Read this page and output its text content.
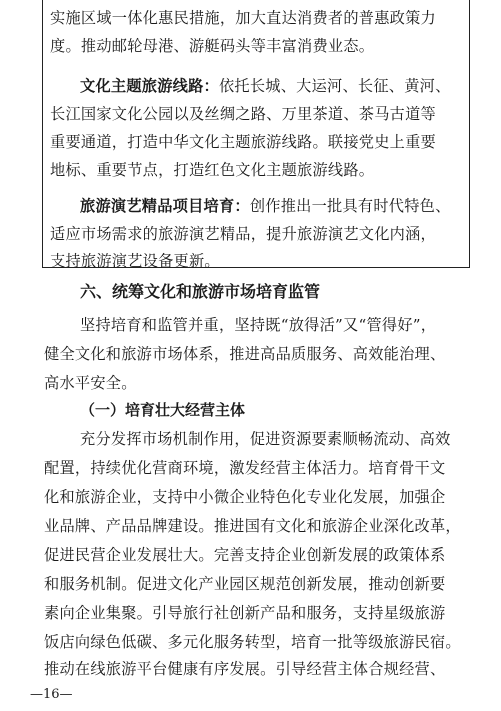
实施区域一体化惠民措施，加大直达消费者的普惠政策力
度。推动邮轮母港、游艇码头等丰富消费业态。
文化主题旅游线路：依托长城、大运河、长征、黄河、
长江国家文化公园以及丝绸之路、万里茶道、茶马古道等
重要通道，打造中华文化主题旅游线路。联接党史上重要
地标、重要节点，打造红色文化主题旅游线路。
旅游演艺精品项目培育：创作推出一批具有时代特色、
适应市场需求的旅游演艺精品，提升旅游演艺文化内涵，
支持旅游演艺设备更新。
六、统筹文化和旅游市场培育监管
坚持培育和监管并重，坚持既“放得活”又“管得好”，
健全文化和旅游市场体系，推进高品质服务、高效能治理、
高水平安全。
（一）培育壮大经营主体
充分发挥市场机制作用，促进资源要素顺畅流动、高效
配置，持续优化营商环境，激发经营主体活力。培育骨干文
化和旅游企业，支持中小微企业特色化专业化发展，加强企
业品牌、产品品牌建设。推进国有文化和旅游企业深化改革，
促进民营企业发展壮大。完善支持企业创新发展的政策体系
和服务机制。促进文化产业园区规范创新发展，推动创新要
素向企业集聚。引导旅行社创新产品和服务，支持星级旅游
饭店向绿色低碳、多元化服务转型，培育一批等级旅游民宿。
推动在线旅游平台健康有序发展。引导经营主体合规经营、
—16—
